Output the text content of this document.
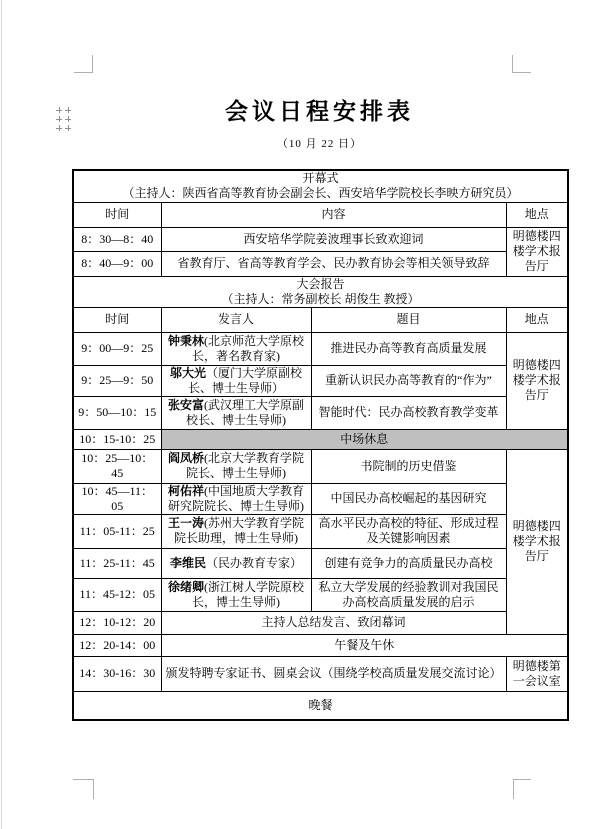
会议日程安排表
（10 月 22 日）
开幕式
（主持人：陕西省高等教育协会副会长、西安培华学院校长李映方研究员）			

时间	内容		地点
8：30—8：40	西安培华学院姜波理事长致欢迎词		明德楼四楼学术报告厅
8：40—9：00	省教育厅、省高等教育学会、民办教育协会等相关领导致辞		

大会报告
（主持人：常务副校长 胡俊生 教授）			

时间	发言人	题目	地点
9：00—9：25	钟秉林(北京师范大学原校长，著名教育家)	推进民办高等教育高质量发展	明德楼四楼学术报告厅
9：25—9：50	邬大光（厦门大学原副校长、博士生导师）	重新认识民办高等教育的“作为”	
9：50—10：15	张安富(武汉理工大学原副校长、博士生导师)	智能时代：民办高校教育教学变革	
10：15-10：25	中场休息		
10：25—10：45	阎凤桥(北京大学教育学院院长、博士生导师)	书院制的历史借鉴	明德楼四楼学术报告厅
10：45—11：05	柯佑祥(中国地质大学教育研究院院长、博士生导师)	中国民办高校崛起的基因研究	
11：05-11：25	王一涛(苏州大学教育学院院长助理，博士生导师)	高水平民办高校的特征、形成过程及关键影响因素	
11：25-11：45	李维民（民办教育专家）	创建有竞争力的高质量民办高校	
11：45-12：05	徐绪卿(浙江树人学院原校长，博士生导师)	私立大学发展的经验教训对我国民办高校高质量发展的启示	
12：10-12：20	主持人总结发言、致闭幕词		
12：20-14：00	午餐及午休		
14：30-16：30	颁发特聘专家证书、圆桌会议（围绕学校高质量发展交流讨论）		明德楼第一会议室
晚餐			
